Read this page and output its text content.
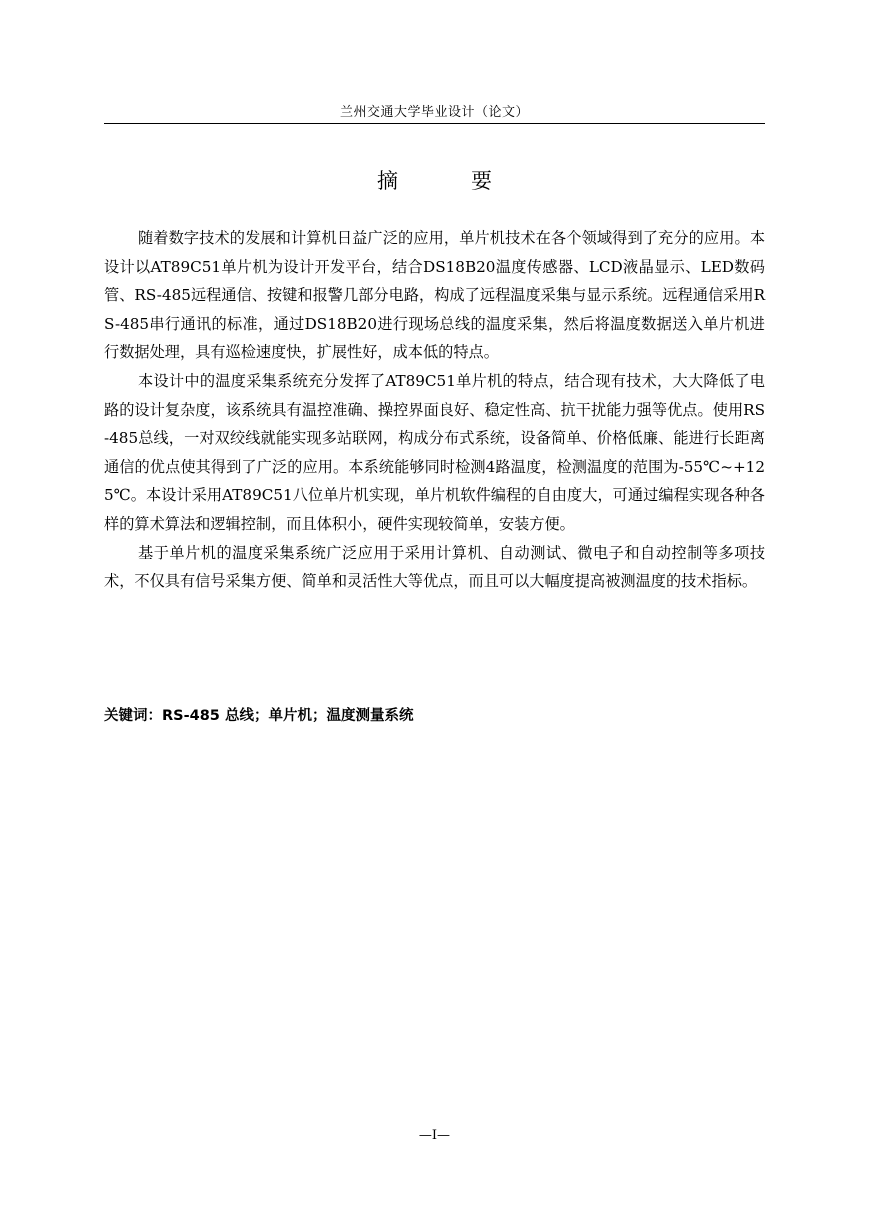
兰州交通大学毕业设计（论文）
摘　要

随着数字技术的发展和计算机日益广泛的应用，单片机技术在各个领域得到了充分的应用。本设计以AT89C51单片机为设计开发平台，结合DS18B20温度传感器、LCD液晶显示、LED数码管、RS-485远程通信、按键和报警几部分电路，构成了远程温度采集与显示系统。远程通信采用RS-485串行通讯的标准，通过DS18B20进行现场总线的温度采集，然后将温度数据送入单片机进行数据处理，具有巡检速度快，扩展性好，成本低的特点。

本设计中的温度采集系统充分发挥了AT89C51单片机的特点，结合现有技术，大大降低了电路的设计复杂度，该系统具有温控准确、操控界面良好、稳定性高、抗干扰能力强等优点。使用RS-485总线，一对双绞线就能实现多站联网，构成分布式系统，设备简单、价格低廉、能进行长距离通信的优点使其得到了广泛的应用。本系统能够同时检测4路温度，检测温度的范围为-55℃~+125℃。本设计采用AT89C51八位单片机实现，单片机软件编程的自由度大，可通过编程实现各种各样的算术算法和逻辑控制，而且体积小，硬件实现较简单，安装方便。

基于单片机的温度采集系统广泛应用于采用计算机、自动测试、微电子和自动控制等多项技术，不仅具有信号采集方便、简单和灵活性大等优点，而且可以大幅度提高被测温度的技术指标。

关键词：RS-485 总线；单片机；温度测量系统
—I—
